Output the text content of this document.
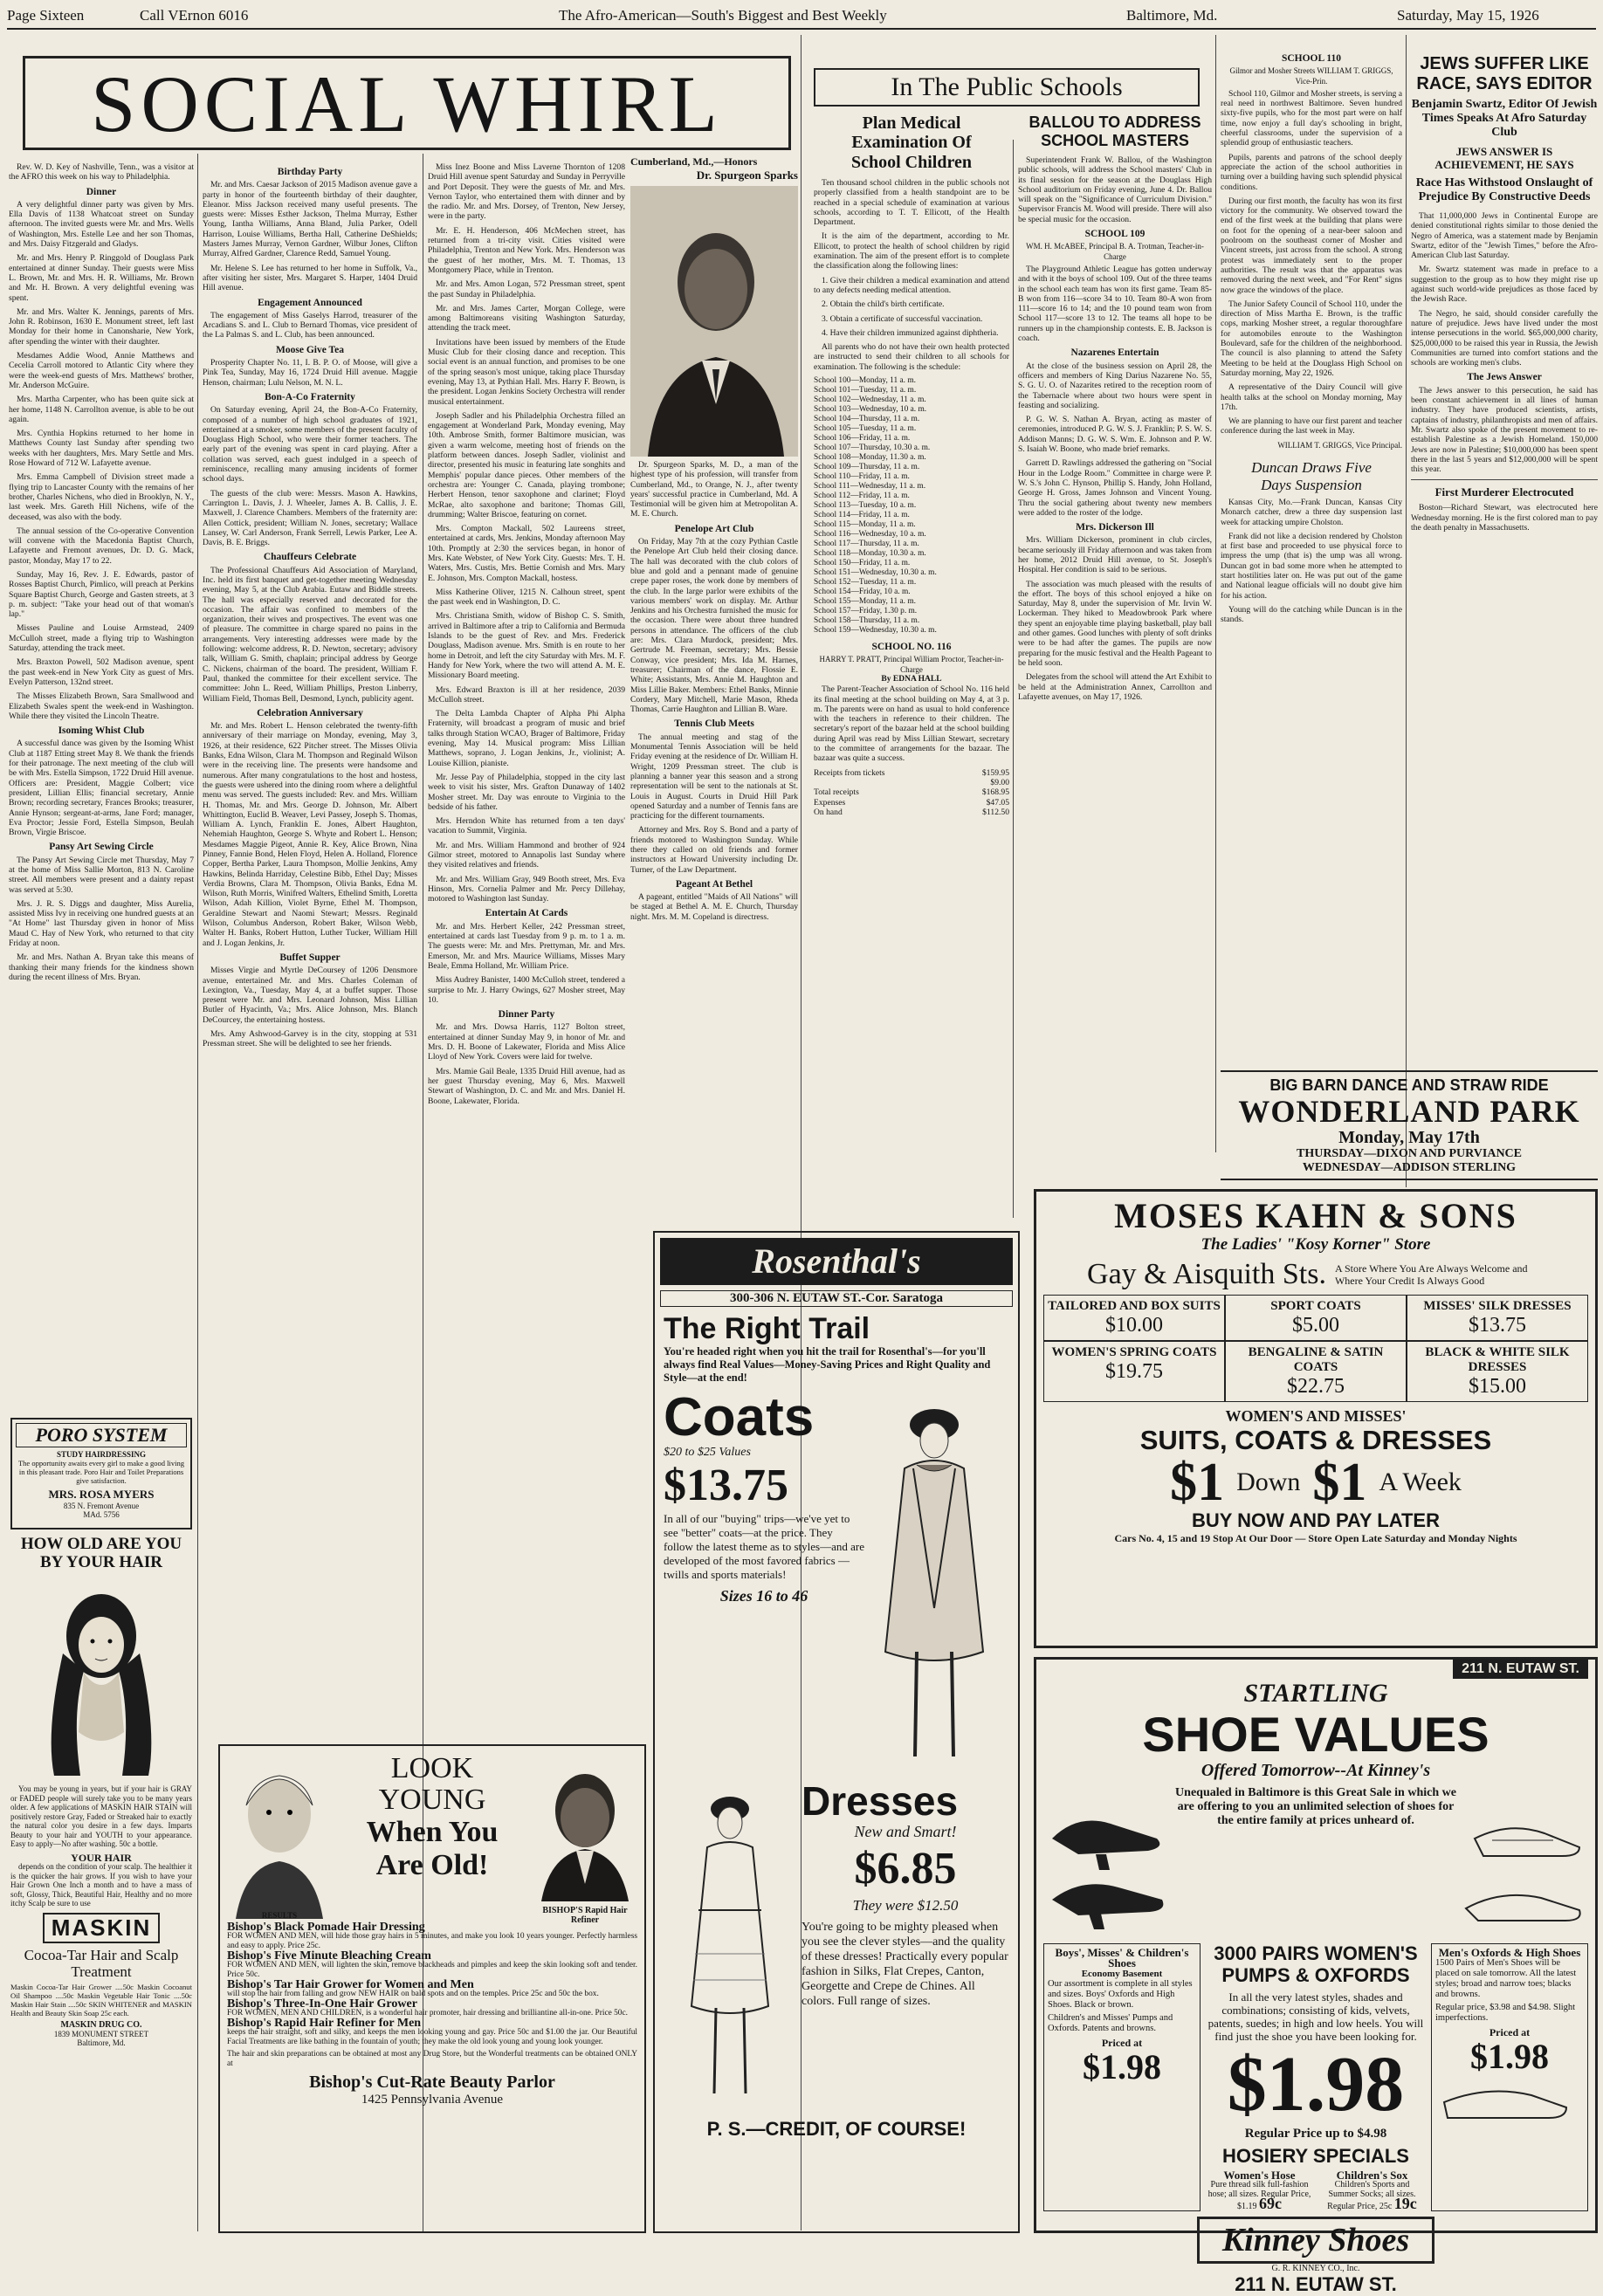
Page Sixteen	Call VErnon 6016	The Afro-American—South's Biggest and Best Weekly	Baltimore, Md.	Saturday, May 15, 1926
SOCIAL WHIRL

Rev. W. D. Key of Nashville, Tenn., was a visitor at the AFRO this week on his way to Philadelphia.

Dinner

A very delightful dinner party was given by Mrs. Ella Davis of 1138 Whatcoat street on Sunday afternoon. The invited guests were Mr. and Mrs. Wells of Washington, Mrs. Estelle Lee and her son Thomas, and Mrs. Daisy Fitzgerald and Gladys.

Mr. and Mrs. Henry P. Ringgold of Douglass Park entertained at dinner Sunday. Their guests were Miss L. Brown, Mr. and Mrs. H. R. Williams, Mr. Brown and Mr. H. Brown. A very delightful evening was spent.

Mr. and Mrs. Walter K. Jennings, parents of Mrs. John R. Robinson, 1630 E. Monument street, left last Monday for their home in Canonsharie, New York, after spending the winter with their daughter.

Mesdames Addie Wood, Annie Matthews and Cecelia Carroll motored to Atlantic City where they were the week-end guests of Mrs. Matthews' brother, Mr. Anderson McGuire.

Mrs. Martha Carpenter, who has been quite sick at her home, 1148 N. Carrollton avenue, is able to be out again.

Mrs. Cynthia Hopkins returned to her home in Matthews County last Sunday after spending two weeks with her daughters, Mrs. Mary Settle and Mrs. Rose Howard of 712 W. Lafayette avenue.

Mrs. Emma Campbell of Division street made a flying trip to Lancaster County with the remains of her brother, Charles Nichens, who died in Brooklyn, N. Y., last week. Mrs. Gareth Hill Nichens, wife of the deceased, was also with the body.

The annual session of the Co-operative Convention will convene with the Macedonia Baptist Church, Lafayette and Fremont avenues, Dr. D. G. Mack, pastor, Monday, May 17 to 22.

Sunday, May 16, Rev. J. E. Edwards, pastor of Rosses Baptist Church, Pimlico, will preach at Perkins Square Baptist Church, George and Gasten streets, at 3 p. m. subject: "Take your head out of that woman's lap."

Misses Pauline and Louise Armstead, 2409 McCulloh street, made a flying trip to Washington Saturday, attending the track meet.

Mrs. Braxton Powell, 502 Madison avenue, spent the past week-end in New York City as guest of Mrs. Evelyn Patterson, 132nd street.

The Misses Elizabeth Brown, Sara Smallwood and Elizabeth Swales spent the week-end in Washington. While there they visited the Lincoln Theatre.

Isoming Whist Club

A successful dance was given by the Isoming Whist Club at 1187 Etting street May 8. We thank the friends for their patronage. The next meeting of the club will be with Mrs. Estella Simpson, 1722 Druid Hill avenue. Officers are: President, Maggie Colbert; vice president, Lillian Ellis; financial secretary, Annie Brown; recording secretary, Frances Brooks; treasurer, Annie Hynson; sergeant-at-arms, Jane Ford; manager, Eva Proctor; Jessie Ford, Estella Simpson, Beulah Brown, Virgie Briscoe.

Pansy Art Sewing Circle

The Pansy Art Sewing Circle met Thursday, May 7 at the home of Miss Sallie Morton, 813 N. Caroline street. All members were present and a dainty repast was served at 5:30.

Mrs. J. R. S. Diggs and daughter, Miss Aurelia, assisted Miss Ivy in receiving one hundred guests at an "At Home" last Thursday given in honor of Miss Maud C. Hay of New York, who returned to that city Friday at noon.

Mr. and Mrs. Nathan A. Bryan take this means of thanking their many friends for the kindness shown during the recent illness of Mrs. Bryan.

PORO SYSTEM
STUDY HAIRDRESSING
The opportunity awaits every girl to make a good living in this pleasant trade. Poro Hair and Toilet Preparations give satisfaction.
MRS. ROSA MYERS
835 N. Fremont Avenue
MAd. 5756
HOW OLD ARE YOU BY YOUR HAIR

You may be young in years, but if your hair is GRAY or FADED people will surely take you to be many years older. A few applications of MASKIN HAIR STAIN will positively restore Gray, Faded or Streaked hair to exactly the natural color you desire in a few days. Imparts Beauty to your hair and YOUTH to your appearance. Easy to apply—No after washing. 50c a bottle.

YOUR HAIR

depends on the condition of your scalp. The healthier it is the quicker the hair grows. If you wish to have your Hair Grown One Inch a month and to have a mass of soft, Glossy, Thick, Beautiful Hair, Healthy and no more itchy Scalp be sure to use

MASKIN
Cocoa-Tar Hair and Scalp Treatment
Maskin Cocoa-Tar Hair Grower ....50c Maskin Cocoanut Oil Shampoo ....50c Maskin Vegetable Hair Tonic ....50c Maskin Hair Stain ....50c SKIN WHITENER and MASKIN Health and Beauty Skin Soap 25c each.
MASKIN DRUG CO.
1839 MONUMENT STREET
Baltimore, Md.
Birthday Party

Mr. and Mrs. Caesar Jackson of 2015 Madison avenue gave a party in honor of the fourteenth birthday of their daughter, Eleanor. Miss Jackson received many useful presents. The guests were: Misses Esther Jackson, Thelma Murray, Esther Young, Iantha Williams, Anna Bland, Julia Parker, Odell Harrison, Louise Williams, Bertha Hall, Catherine DeShields; Masters James Murray, Vernon Gardner, Wilbur Jones, Clifton Murray, Alfred Gardner, Clarence Redd, Samuel Young.

Mr. Helene S. Lee has returned to her home in Suffolk, Va., after visiting her sister, Mrs. Margaret S. Harper, 1404 Druid Hill avenue.

Engagement Announced

The engagement of Miss Gaselys Harrod, treasurer of the Arcadians S. and L. Club to Bernard Thomas, vice president of the La Palmas S. and L. Club, has been announced.

Moose Give Tea

Prosperity Chapter No. 11, I. B. P. O. of Moose, will give a Pink Tea, Sunday, May 16, 1724 Druid Hill avenue. Maggie Henson, chairman; Lulu Nelson, M. N. L.

Bon-A-Co Fraternity

On Saturday evening, April 24, the Bon-A-Co Fraternity, composed of a number of high school graduates of 1921, entertained at a smoker, some members of the present faculty of Douglass High School, who were their former teachers. The early part of the evening was spent in card playing. After a collation was served, each guest indulged in a speech of reminiscence, recalling many amusing incidents of former school days.

The guests of the club were: Messrs. Mason A. Hawkins, Carrington L. Davis, J. J. Wheeler, James A. B. Callis, J. E. Maxwell, J. Clarence Chambers. Members of the fraternity are: Allen Cottick, president; William N. Jones, secretary; Wallace Lansey, W. Carl Anderson, Frank Serrell, Lewis Parker, Lee A. Davis, B. E. Briggs.

Chauffeurs Celebrate

The Professional Chauffeurs Aid Association of Maryland, Inc. held its first banquet and get-together meeting Wednesday evening, May 5, at the Club Arabia. Eutaw and Biddle streets. The hall was especially reserved and decorated for the occasion. The affair was confined to members of the organization, their wives and prospectives. The event was one of pleasure. The committee in charge spared no pains in the arrangements. Very interesting addresses were made by the following: welcome address, R. D. Newton, secretary; advisory talk, William G. Smith, chaplain; principal address by George C. Nickens, chairman of the board. The president, William F. Paul, thanked the committee for their excellent service. The committee: John L. Reed, William Phillips, Preston Linberry, William Field, Thomas Bell, Desmond, Lynch, publicity agent.

Celebration Anniversary

Mr. and Mrs. Robert L. Henson celebrated the twenty-fifth anniversary of their marriage on Monday, evening, May 3, 1926, at their residence, 622 Pitcher street. The Misses Olivia Banks, Edna Wilson, Clara M. Thompson and Reginald Wilson were in the receiving line. The presents were handsome and numerous. After many congratulations to the host and hostess, the guests were ushered into the dining room where a delightful menu was served. The guests included: Rev. and Mrs. William H. Thomas, Mr. and Mrs. George D. Johnson, Mr. Albert Whittington, Euclid B. Weaver, Levi Passey, Joseph S. Thomas, William A. Lynch, Franklin E. Jones, Albert Haughton, Nehemiah Haughton, George S. Whyte and Robert L. Henson; Mesdames Maggie Pigeot, Annie R. Key, Alice Brown, Nina Pinney, Fannie Bond, Helen Floyd, Helen A. Holland, Florence Copper, Bertha Parker, Laura Thompson, Mollie Jenkins, Amy Hawkins, Belinda Harriday, Celestine Bibb, Ethel Day; Misses Verdia Browns, Clara M. Thompson, Olivia Banks, Edna M. Wilson, Ruth Morris, Winifred Walters, Ethelind Smith, Loretta Wilson, Adah Killion, Violet Byrne, Ethel M. Thompson, Geraldine Stewart and Naomi Stewart; Messrs. Reginald Wilson, Columbus Anderson, Robert Baker, Wilson Webb, Walter H. Banks, Robert Hutton, Luther Tucker, William Hill and J. Logan Jenkins, Jr.

Buffet Supper

Misses Virgie and Myrtle DeCoursey of 1206 Densmore avenue, entertained Mr. and Mrs. Charles Coleman of Lexington, Va., Tuesday, May 4, at a buffet supper. Those present were Mr. and Mrs. Leonard Johnson, Miss Lillian Butler of Hyacinth, Va.; Mrs. Alice Johnson, Mrs. Blanch DeCourcey, the entertaining hostess.

Mrs. Amy Ashwood-Garvey is in the city, stopping at 531 Pressman street. She will be delighted to see her friends.

Miss Inez Boone and Miss Laverne Thornton of 1208 Druid Hill avenue spent Saturday and Sunday in Perryville and Port Deposit. They were the guests of Mr. and Mrs. Vernon Taylor, who entertained them with dinner and by the radio. Mr. and Mrs. Dorsey, of Trenton, New Jersey, were in the party.

Mr. E. H. Henderson, 406 McMechen street, has returned from a tri-city visit. Cities visited were Philadelphia, Trenton and New York. Mrs. Henderson was the guest of her mother, Mrs. M. T. Thomas, 13 Montgomery Place, while in Trenton.

Mr. and Mrs. Amon Logan, 572 Pressman street, spent the past Sunday in Philadelphia.

Mr. and Mrs. James Carter, Morgan College, were among Baltimoreans visiting Washington Saturday, attending the track meet.

Invitations have been issued by members of the Etude Music Club for their closing dance and reception. This social event is an annual function, and promises to be one of the spring season's most unique, taking place Thursday evening, May 13, at Pythian Hall. Mrs. Harry F. Brown, is the president. Logan Jenkins Society Orchestra will render musical entertainment.

Joseph Sadler and his Philadelphia Orchestra filled an engagement at Wonderland Park, Monday evening, May 10th. Ambrose Smith, former Baltimore musician, was given a warm welcome, meeting host of friends on the platform between dances. Joseph Sadler, violinist and director, presented his music in featuring late songhits and Memphis' popular dance pieces. Other members of the orchestra are: Younger C. Canada, playing trombone; Herbert Henson, tenor saxophone and clarinet; Floyd McRae, alto saxophone and baritone; Thomas Gill, drumming; Walter Briscoe, featuring on cornet.

Mrs. Compton Mackall, 502 Laureens street, entertained at cards, Mrs. Jenkins, Monday afternoon May 10th. Promptly at 2:30 the services began, in honor of Mrs. Kate Webster, of New York City. Guests: Mrs. T. H. Waters, Mrs. Custis, Mrs. Bettie Cornish and Mrs. Mary E. Johnson, Mrs. Compton Mackall, hostess.

Miss Katherine Oliver, 1215 N. Calhoun street, spent the past week end in Washington, D. C.

Mrs. Christiana Smith, widow of Bishop C. S. Smith, arrived in Baltimore after a trip to California and Bermuda Islands to be the guest of Rev. and Mrs. Frederick Douglass, Madison avenue. Mrs. Smith is en route to her home in Detroit, and left the city Saturday with Mrs. M. F. Handy for New York, where the two will attend A. M. E. Missionary Board meeting.

Mrs. Edward Braxton is ill at her residence, 2039 McCulloh street.

The Delta Lambda Chapter of Alpha Phi Alpha Fraternity, will broadcast a program of music and brief talks through Station WCAO, Brager of Baltimore, Friday evening, May 14. Musical program: Miss Lillian Matthews, soprano, J. Logan Jenkins, Jr., violinist; A. Louise Killion, pianiste.

Mr. Jesse Pay of Philadelphia, stopped in the city last week to visit his sister, Mrs. Grafton Dunaway of 1402 Mosher street. Mr. Day was enroute to Virginia to the bedside of his father.

Mrs. Herndon White has returned from a ten days' vacation to Summit, Virginia.

Mr. and Mrs. William Hammond and brother of 924 Gilmor street, motored to Annapolis last Sunday where they visited relatives and friends.

Mr. and Mrs. William Gray, 949 Booth street, Mrs. Eva Hinson, Mrs. Cornelia Palmer and Mr. Percy Dillehay, motored to Washington last Sunday.

Entertain At Cards

Mr. and Mrs. Herbert Keller, 242 Pressman street, entertained at cards last Tuesday from 9 p. m. to 1 a. m. The guests were: Mr. and Mrs. Prettyman, Mr. and Mrs. Emerson, Mr. and Mrs. Maurice Williams, Misses Mary Beale, Emma Holland, Mr. William Price.

Miss Audrey Banister, 1400 McCulloh street, tendered a surprise to Mr. J. Harry Owings, 627 Mosher street, May 10.

Dinner Party

Mr. and Mrs. Dowsa Harris, 1127 Bolton street, entertained at dinner Sunday May 9, in honor of Mr. and Mrs. D. H. Boone of Lakewater, Florida and Miss Alice Lloyd of New York. Covers were laid for twelve.

Mrs. Mamie Gail Beale, 1335 Druid Hill avenue, had as her guest Thursday evening, May 6, Mrs. Maxwell Stewart of Washington, D. C. and Mr. and Mrs. Daniel H. Boone, Lakewater, Florida.

Cumberland, Md.,—Honors
Dr. Spurgeon Sparks

Dr. Spurgeon Sparks, M. D., a man of the highest type of his profession, will transfer from Cumberland, Md., to Orange, N. J., after twenty years' successful practice in Cumberland, Md. A Testimonial will be given him at Metropolitan A. M. E. Church.

Penelope Art Club

On Friday, May 7th at the cozy Pythian Castle the Penelope Art Club held their closing dance. The hall was decorated with the club colors of blue and gold and a pennant made of genuine crepe paper roses, the work done by members of the club. In the large parlor were exhibits of the various members' work on display. Mr. Arthur Jenkins and his Orchestra furnished the music for the occasion. There were about three hundred persons in attendance. The officers of the club are: Mrs. Clara Murdock, president; Mrs. Gertrude M. Freeman, secretary; Mrs. Bessie Conway, vice president; Mrs. Ida M. Harnes, treasurer; Chairman of the dance, Flossie E. White; Assistants, Mrs. Annie M. Haughton and Miss Lillie Baker. Members: Ethel Banks, Minnie Cordery, Mary Mitchell, Marie Mason, Rheda Thomas, Carrie Haughton and Lillian B. Ware.

Tennis Club Meets

The annual meeting and stag of the Monumental Tennis Association will be held Friday evening at the residence of Dr. William H. Wright, 1209 Pressman street. The club is planning a banner year this season and a strong representation will be sent to the nationals at St. Louis in August. Courts in Druid Hill Park opened Saturday and a number of Tennis fans are practicing for the different tournaments.

Attorney and Mrs. Roy S. Bond and a party of friends motored to Washington Sunday. While there they called on old friends and former instructors at Howard University including Dr. Turner, of the Law Department.

Pageant At Bethel

A pageant, entitled "Maids of All Nations" will be staged at Bethel A. M. E. Church, Thursday night. Mrs. M. M. Copeland is directress.

RESULTS
LOOK
YOUNG
When You
Are Old!
BISHOP'S Rapid Hair Refiner
Bishop's Black Pomade Hair Dressing
FOR WOMEN AND MEN, will hide those gray hairs in 5 minutes, and make you look 10 years younger. Perfectly harmless and easy to apply. Price 25c.
Bishop's Five Minute Bleaching Cream
FOR WOMEN AND MEN, will lighten the skin, remove blackheads and pimples and keep the skin looking soft and tender. Price 50c.
Bishop's Tar Hair Grower for Women and Men
will stop the hair from falling and grow NEW HAIR on bald spots and on the temples. Price 25c and 50c the box.
Bishop's Three-In-One Hair Grower
FOR WOMEN, MEN AND CHILDREN, is a wonderful hair promoter, hair dressing and brilliantine all-in-one. Price 50c.
Bishop's Rapid Hair Refiner for Men
keeps the hair straight, soft and silky, and keeps the men looking young and gay. Price 50c and $1.00 the jar. Our Beautiful Facial Treatments are like bathing in the fountain of youth; they make the old look young and young look younger.
The hair and skin preparations can be obtained at most any Drug Store, but the Wonderful treatments can be obtained ONLY at
Bishop's Cut-Rate Beauty Parlor
1425 Pennsylvania Avenue
In The Public Schools
Plan Medical
Examination Of
School Children

Ten thousand school children in the public schools not properly classified from a health standpoint are to be reached in a special schedule of examination at various schools, according to T. T. Ellicott, of the Health Department.

It is the aim of the department, according to Mr. Ellicott, to protect the health of school children by rigid examination. The aim of the present effort is to complete the classification along the following lines:

1. Give their children a medical examination and attend to any defects needing medical attention.

2. Obtain the child's birth certificate.

3. Obtain a certificate of successful vaccination.

4. Have their children immunized against diphtheria.

All parents who do not have their own health protected are instructed to send their children to all schools for examination. The following is the schedule:

School 100—Monday, 11 a. m.
School 101—Tuesday, 11 a. m.
School 102—Wednesday, 11 a. m.
School 103—Wednesday, 10 a. m.
School 104—Thursday, 11 a. m.
School 105—Tuesday, 11 a. m.
School 106—Friday, 11 a. m.
School 107—Thursday, 10.30 a. m.
School 108—Monday, 11.30 a. m.
School 109—Thursday, 11 a. m.
School 110—Friday, 11 a. m.
School 111—Wednesday, 11 a. m.
School 112—Friday, 11 a. m.
School 113—Tuesday, 10 a. m.
School 114—Friday, 11 a. m.
School 115—Monday, 11 a. m.
School 116—Wednesday, 10 a. m.
School 117—Thursday, 11 a. m.
School 118—Monday, 10.30 a. m.
School 150—Friday, 11 a. m.
School 151—Wednesday, 10.30 a. m.
School 152—Tuesday, 11 a. m.
School 154—Friday, 10 a. m.
School 155—Monday, 11 a. m.
School 157—Friday, 1.30 p. m.
School 158—Thursday, 11 a. m.
School 159—Wednesday, 10.30 a. m.
SCHOOL NO. 116
HARRY T. PRATT, Principal William Proctor, Teacher-in-Charge
By EDNA HALL

The Parent-Teacher Association of School No. 116 held its final meeting at the school building on May 4, at 3 p. m. The parents were on hand as usual to hold conference with the teachers in reference to their children. The secretary's report of the bazaar held at the school building during April was read by Miss Lillian Stewart, secretary to the committee of arrangements for the bazaar. The bazaar was quite a success.

Receipts from tickets	$159.95
$9.00
Total receipts	$168.95
Expenses	$47.05
On hand	$112.50
BALLOU TO ADDRESS
SCHOOL MASTERS

Superintendent Frank W. Ballou, of the Washington public schools, will address the School masters' Club in its final session for the season at the Douglass High School auditorium on Friday evening, June 4. Dr. Ballou will speak on the "Significance of Curriculum Division." Supervisor Francis M. Wood will preside. There will also be special music for the occasion.

SCHOOL 109
WM. H. McABEE, Principal B. A. Trotman, Teacher-in-Charge

The Playground Athletic League has gotten underway and with it the boys of school 109. Out of the three teams in the school each team has won its first game. Team 85-B won from 116—score 34 to 10. Team 80-A won from 111—score 16 to 14; and the 10 pound team won from School 117—score 13 to 12. The teams all hope to be runners up in the championship contests. E. B. Jackson is coach.

Nazarenes Entertain

At the close of the business session on April 28, the officers and members of King Darius Nazarene No. 55, S. G. U. O. of Nazarites retired to the reception room of the Tabernacle where about two hours were spent in feasting and socializing.

P. G. W. S. Nathan A. Bryan, acting as master of ceremonies, introduced P. G. W. S. J. Franklin; P. S. W. S. Addison Manns; D. G. W. S. Wm. E. Johnson and P. W. S. Isaiah W. Boone, who made brief remarks.

Garrett D. Rawlings addressed the gathering on "Social Hour in the Lodge Room." Committee in charge were P. W. S.'s John C. Hynson, Phillip S. Handy, John Holland, George H. Gross, James Johnson and Vincent Young. Thru the social gathering about twenty new members were added to the roster of the lodge.

Mrs. Dickerson Ill

Mrs. William Dickerson, prominent in club circles, became seriously ill Friday afternoon and was taken from her home, 2012 Druid Hill avenue, to St. Joseph's Hospital. Her condition is said to be serious.

The association was much pleased with the results of the effort. The boys of this school enjoyed a hike on Saturday, May 8, under the supervision of Mr. Irvin W. Lockerman. They hiked to Meadowbrook Park where they spent an enjoyable time playing basketball, play ball and other games. Good lunches with plenty of soft drinks were to be had after the games. The pupils are now preparing for the music festival and the Health Pageant to be held soon.

Delegates from the school will attend the Art Exhibit to be held at the Administration Annex, Carrollton and Lafayette avenues, on May 17, 1926.

SCHOOL 110
Gilmor and Mosher Streets WILLIAM T. GRIGGS, Vice-Prin.

School 110, Gilmor and Mosher streets, is serving a real need in northwest Baltimore. Seven hundred sixty-five pupils, who for the most part were on half time, now enjoy a full day's schooling in bright, cheerful classrooms, under the supervision of a splendid group of enthusiastic teachers.

Pupils, parents and patrons of the school deeply appreciate the action of the school authorities in turning over a building having such splendid physical conditions.

During our first month, the faculty has won its first victory for the community. We observed toward the end of the first week at the building that plans were on foot for the opening of a near-beer saloon and poolroom on the southeast corner of Mosher and Vincent streets, just across from the school. A strong protest was immediately sent to the proper authorities. The result was that the apparatus was removed during the next week, and "For Rent" signs now grace the windows of the place.

The Junior Safety Council of School 110, under the direction of Miss Martha E. Brown, is the traffic cops, marking Mosher street, a regular thoroughfare for automobiles enroute to the Washington Boulevard, safe for the children of the neighborhood. The council is also planning to attend the Safety Meeting to be held at the Douglass High School on Saturday morning, May 22, 1926.

A representative of the Dairy Council will give health talks at the school on Monday morning, May 17th.

We are planning to have our first parent and teacher conference during the last week in May.

WILLIAM T. GRIGGS, Vice Principal.
Duncan Draws Five
Days Suspension

Kansas City, Mo.—Frank Duncan, Kansas City Monarch catcher, drew a three day suspension last week for attacking umpire Cholston.

Frank did not like a decision rendered by Cholston at first base and proceeded to use physical force to impress the ump (that is) the ump was all wrong. Duncan got in bad some more when he attempted to start hostilities later on. He was put out of the game and National league officials will no doubt give him for his action.

Young will do the catching while Duncan is in the stands.

JEWS SUFFER LIKE
RACE, SAYS EDITOR
Benjamin Swartz, Editor Of Jewish Times Speaks At Afro Saturday Club
JEWS ANSWER IS ACHIEVEMENT, HE SAYS
Race Has Withstood Onslaught of Prejudice By Constructive Deeds

That 11,000,000 Jews in Continental Europe are denied constitutional rights similar to those denied the Negro of America, was a statement made by Benjamin Swartz, editor of the "Jewish Times," before the Afro-American Club last Saturday.

Mr. Swartz statement was made in preface to a suggestion to the group as to how they might rise up against such world-wide prejudices as those faced by the Jewish Race.

The Negro, he said, should consider carefully the nature of prejudice. Jews have lived under the most intense persecutions in the world. $65,000,000 charity, $25,000,000 to be raised this year in Russia, the Jewish Communities are turned into comfort stations and the schools are working men's clubs.

The Jews Answer

The Jews answer to this persecution, he said has been constant achievement in all lines of human industry. They have produced scientists, artists, captains of industry, philanthropists and men of affairs. Mr. Swartz also spoke of the present movement to re-establish Palestine as a Jewish Homeland. 150,000 Jews are now in Palestine; $10,000,000 has been spent there in the last 5 years and $12,000,000 will be spent this year.

First Murderer Electrocuted

Boston—Richard Stewart, was electrocuted here Wednesday morning. He is the first colored man to pay the death penalty in Massachusetts.

BIG BARN DANCE AND STRAW RIDE
WONDERLAND PARK
Monday, May 17th
THURSDAY—DIXON AND PURVIANCE
WEDNESDAY—ADDISON STERLING
MOSES KAHN & SONS
The Ladies' "Kosy Korner" Store
Gay & Aisquith Sts. A Store Where You Are Always Welcome and Where Your Credit Is Always Good
TAILORED AND BOX SUITS
$10.00
SPORT COATS
$5.00
MISSES' SILK DRESSES
$13.75
WOMEN'S SPRING COATS
$19.75
BENGALINE & SATIN COATS
$22.75
BLACK & WHITE SILK DRESSES
$15.00
WOMEN'S AND MISSES'
SUITS, COATS & DRESSES
$1 Down $1 A Week
BUY NOW AND PAY LATER
Cars No. 4, 15 and 19 Stop At Our Door — Store Open Late Saturday and Monday Nights
Rosenthal's
300-306 N. EUTAW ST.-Cor. Saratoga
The Right Trail
You're headed right when you hit the trail for Rosenthal's—for you'll always find Real Values—Money-Saving Prices and Right Quality and Style—at the end!
Coats
$20 to $25 Values
$13.75
In all of our "buying" trips—we've yet to see "better" coats—at the price. They follow the latest theme as to styles—and are developed of the most favored fabrics — twills and sports materials!
Sizes 16 to 46
Dresses
New and Smart!
$6.85
They were $12.50
You're going to be mighty pleased when you see the clever styles—and the quality of these dresses! Practically every popular fashion in Silks, Flat Crepes, Canton, Georgette and Crepe de Chines. All colors. Full range of sizes.
P. S.—CREDIT, OF COURSE!
211 N. EUTAW ST.
STARTLING
SHOE VALUES
Offered Tomorrow--At Kinney's
Unequaled in Baltimore is this Great Sale in which we are offering to you an unlimited selection of shoes for the entire family at prices unheard of.
Boys', Misses' & Children's Shoes
Economy Basement
Our assortment is complete in all styles and sizes. Boys' Oxfords and High Shoes. Black or brown.
Children's and Misses' Pumps and Oxfords. Patents and browns.
Priced at
$1.98
3000 PAIRS WOMEN'S
PUMPS & OXFORDS
In all the very latest styles, shades and combinations; consisting of kids, velvets, patents, suedes; in high and low heels. You will find just the shoe you have been looking for.
$1.98
Regular Price up to $4.98
HOSIERY SPECIALS
Women's Hose
Pure thread silk full-fashion hose; all sizes. Regular Price, $1.19 69c
Children's Sox
Children's Sports and Summer Socks; all sizes. Regular Price, 25c 19c
Men's Oxfords & High Shoes
1500 Pairs of Men's Shoes will be placed on sale tomorrow. All the latest styles; broad and narrow toes; blacks and browns.
Regular price, $3.98 and $4.98. Slight imperfections.
Priced at
$1.98
Kinney Shoes
G. R. KINNEY CO., Inc.
211 N. EUTAW ST.
